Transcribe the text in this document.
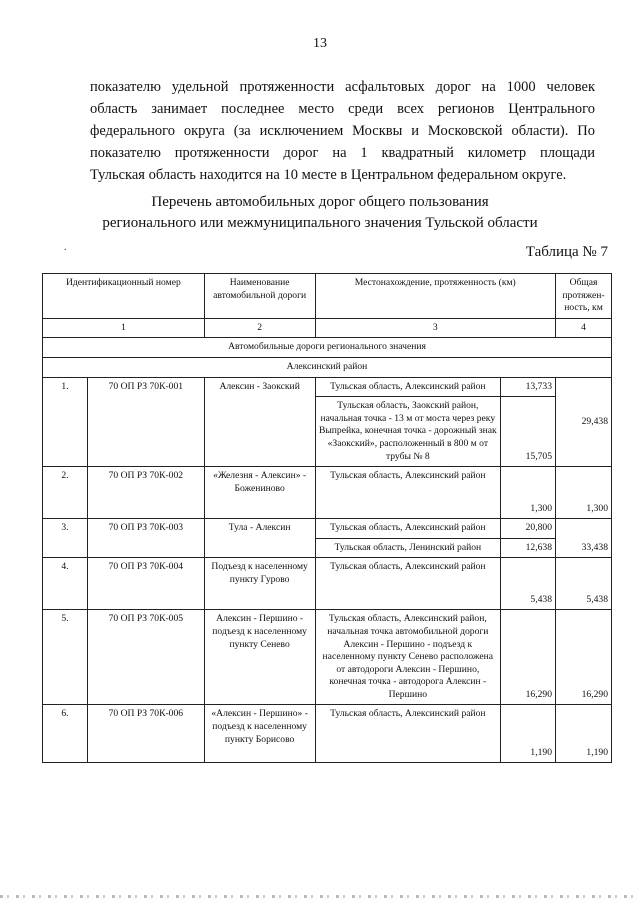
13
показателю удельной протяженности асфальтовых дорог на 1000 человек
область занимает последнее место среди всех регионов Центрального
федерального округа (за исключением Москвы и Московской области). По
показателю протяженности дорог на 1 квадратный километр площади
Тульская область находится на 10 месте в Центральном федеральном округе.
Перечень автомобильных дорог общего пользования
регионального или межмуниципального значения Тульской области
.	Таблица № 7
Идентификационный номер		Наименование автомобильной дороги	Местонахождение, протяженность (км)		Общая протяжен-ность, км
1		2	3		4
Автомобильные дороги регионального значения					
Алексинский район					
1.	70 ОП РЗ 70К-001	Алексин - Заокский	Тульская область, Алексинский район	13,733	29,438
			Тульская область, Заокский район, начальная точка - 13 м от моста через реку Выпрейка, конечная точка - дорожный знак «Заокский», расположенный в 800 м от трубы № 8	15,705	
2.	70 ОП РЗ 70К-002	«Железня - Алексин» - Божениново	Тульская область, Алексинский район	1,300	1,300
3.	70 ОП РЗ 70К-003	Тула - Алексин	Тульская область, Алексинский район	20,800	33,438
			Тульская область, Ленинский район	12,638	
4.	70 ОП РЗ 70К-004	Подъезд к населенному пункту Гурово	Тульская область, Алексинский район	5,438	5,438
5.	70 ОП РЗ 70К-005	Алексин - Першино - подъезд к населенному пункту Сенево	Тульская область, Алексинский район, начальная точка автомобильной дороги Алексин - Першино - подъезд к населенному пункту Сенево расположена от автодороги Алексин - Першино, конечная точка - автодорога Алексин - Першино	16,290	16,290
6.	70 ОП РЗ 70К-006	«Алексин - Першино» - подъезд к населенному пункту Борисово	Тульская область, Алексинский район	1,190	1,190
